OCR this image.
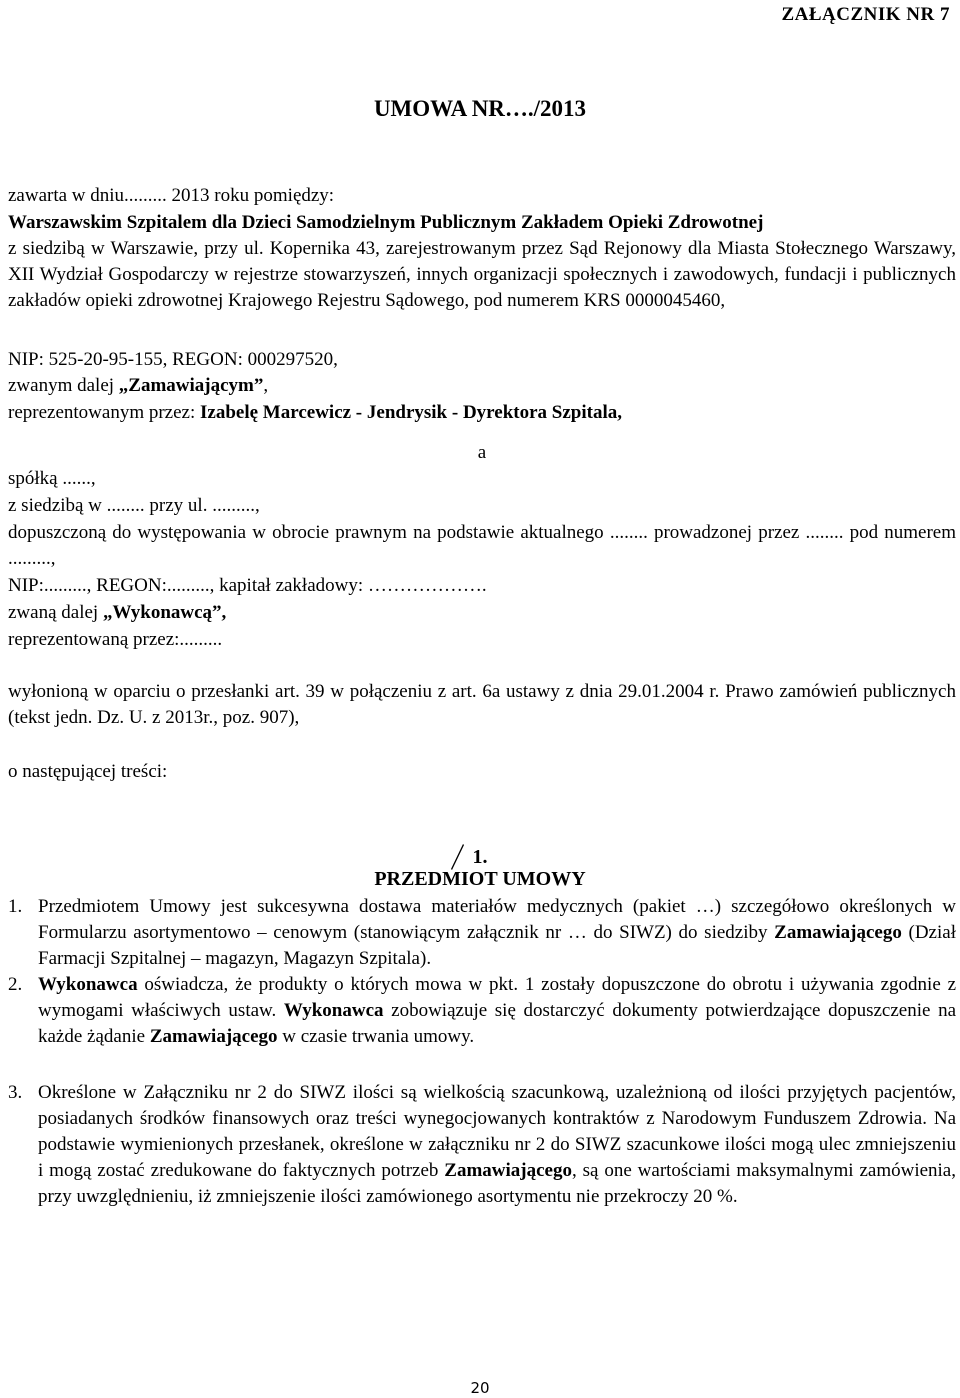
ZAŁĄCZNIK NR 7
UMOWA NR…./2013
zawarta w dniu......... 2013 roku pomiędzy:
Warszawskim Szpitalem dla Dzieci Samodzielnym Publicznym Zakładem Opieki Zdrowotnej
z siedzibą w Warszawie, przy ul. Kopernika 43, zarejestrowanym przez Sąd Rejonowy dla Miasta Stołecznego Warszawy, XII Wydział Gospodarczy w rejestrze stowarzyszeń, innych organizacji społecznych i zawodowych, fundacji i publicznych zakładów opieki zdrowotnej Krajowego Rejestru Sądowego, pod numerem KRS 0000045460,
NIP: 525-20-95-155, REGON: 000297520,
zwanym dalej „Zamawiającym”,
reprezentowanym przez: Izabelę Marcewicz - Jendrysik - Dyrektora Szpitala,
a
spółką ......,
z siedzibą w ........ przy ul. .........,
dopuszczoną do występowania w obrocie prawnym na podstawie aktualnego ........ prowadzonej przez ........ pod numerem .........,
NIP:........., REGON:........., kapitał zakładowy: ……………….
zwaną dalej „Wykonawcą”,
reprezentowaną przez:.........
wyłonioną w oparciu o przesłanki art. 39 w połączeniu z art. 6a ustawy z dnia 29.01.2004 r. Prawo zamówień publicznych (tekst jedn. Dz. U. z 2013r., poz. 907),
o następującej treści:
1.
PRZEDMIOT UMOWY
1. Przedmiotem Umowy jest sukcesywna dostawa materiałów medycznych (pakiet …) szczegółowo określonych w Formularzu asortymentowo – cenowym (stanowiącym załącznik nr … do SIWZ) do siedziby Zamawiającego (Dział Farmacji Szpitalnej – magazyn, Magazyn Szpitala).
2. Wykonawca oświadcza, że produkty o których mowa w pkt. 1 zostały dopuszczone do obrotu i używania zgodnie z wymogami właściwych ustaw. Wykonawca zobowiązuje się dostarczyć dokumenty potwierdzające dopuszczenie na każde żądanie Zamawiającego w czasie trwania umowy.
3. Określone w Załączniku nr 2 do SIWZ ilości są wielkością szacunkową, uzależnioną od ilości przyjętych pacjentów, posiadanych środków finansowych oraz treści wynegocjowanych kontraktów z Narodowym Funduszem Zdrowia. Na podstawie wymienionych przesłanek, określone w załączniku nr 2 do SIWZ szacunkowe ilości mogą ulec zmniejszeniu i mogą zostać zredukowane do faktycznych potrzeb Zamawiającego, są one wartościami maksymalnymi zamówienia, przy uwzględnieniu, iż zmniejszenie ilości zamówionego asortymentu nie przekroczy 20 %.
20
